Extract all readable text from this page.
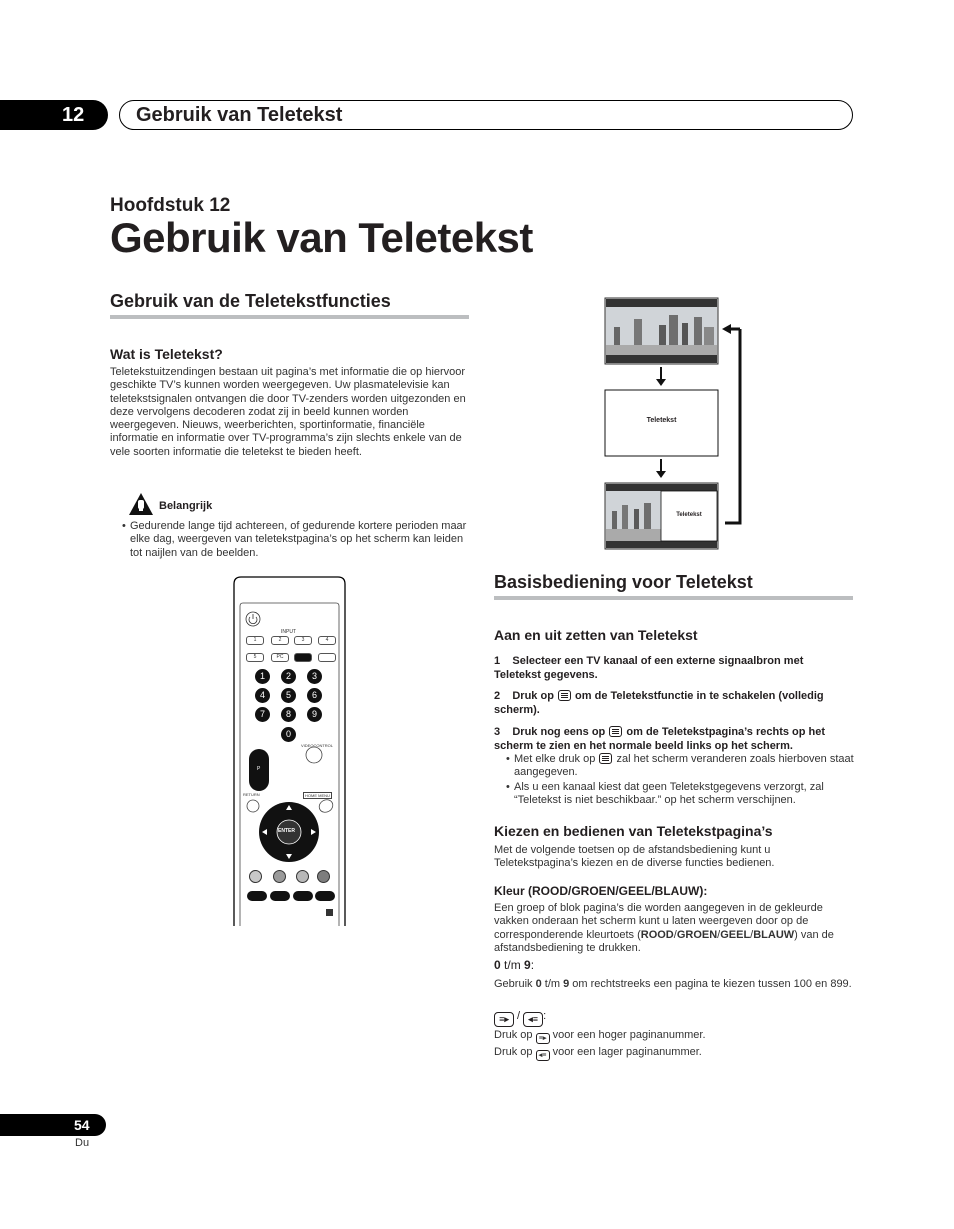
12	Gebruik van Teletekst
Hoofdstuk 12
Gebruik van Teletekst
Gebruik van de Teletekstfuncties
Wat is Teletekst?
Teletekstuitzendingen bestaan uit pagina’s met informatie die op hiervoor geschikte TV’s kunnen worden weergegeven. Uw plasmatelevisie kan teletekstsignalen ontvangen die door TV-zenders worden uitgezonden en deze vervolgens decoderen zodat zij in beeld kunnen worden weergegeven. Nieuws, weerberichten, sportinformatie, financiële informatie en informatie over TV-programma’s zijn slechts enkele van de vele soorten informatie die teletekst te bieden heeft.
Belangrijk
• Gedurende lange tijd achtereen, of gedurende kortere perioden maar elke dag, weergeven van teletekstpagina’s op het scherm kan leiden tot naijlen van de beelden.
INPUT
1	2	3	4
5	PC
1	2	3
4	5	6
7	8	9
0
VIDEOCONTROL
P
RETURN	HOME MENU
ENTER
Teletekst
Teletekst
Basisbediening voor Teletekst
Aan en uit zetten van Teletekst
1 Selecteer een TV kanaal of een externe signaalbron met Teletekst gegevens.
2 Druk op om de Teletekstfunctie in te schakelen (volledig scherm).
3 Druk nog eens op om de Teletekstpagina’s rechts op het scherm te zien en het normale beeld links op het scherm.
• Met elke druk op zal het scherm veranderen zoals hierboven staat aangegeven.
• Als u een kanaal kiest dat geen Teletekstgegevens verzorgt, zal “Teletekst is niet beschikbaar.” op het scherm verschijnen.
Kiezen en bedienen van Teletekstpagina’s
Met de volgende toetsen op de afstandsbediening kunt u Teletekstpagina’s kiezen en de diverse functies bedienen.
Kleur (ROOD/GROEN/GEEL/BLAUW):
Een groep of blok pagina’s die worden aangegeven in de gekleurde vakken onderaan het scherm kunt u laten weergeven door op de corresponderende kleurtoets (ROOD/GROEN/GEEL/BLAUW) van de afstandsbediening te drukken.
0 t/m 9:
Gebruik 0 t/m 9 om rechtstreeks een pagina te kiezen tussen 100 en 899.
≡▸ / ◂≡ :
Druk op ≡▸ voor een hoger paginanummer.
Druk op ◂≡ voor een lager paginanummer.
54
Du
